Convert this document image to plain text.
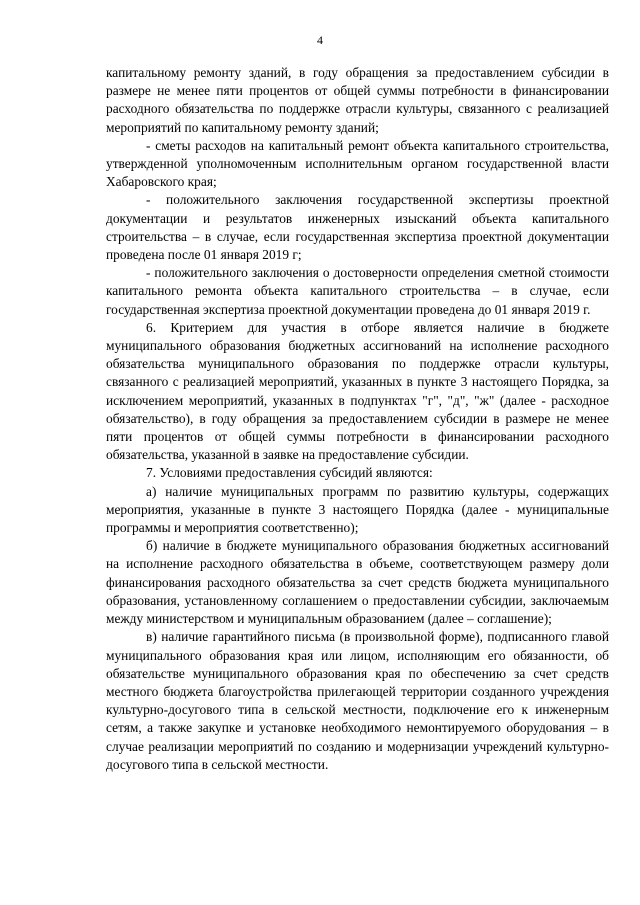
4

капитальному ремонту зданий, в году обращения за предоставлением субсидии в размере не менее пяти процентов от общей суммы потребности в финансировании расходного обязательства по поддержке отрасли культуры, связанного с реализацией мероприятий по капитальному ремонту зданий;

- сметы расходов на капитальный ремонт объекта капитального строительства, утвержденной уполномоченным исполнительным органом государственной власти Хабаровского края;

- положительного заключения государственной экспертизы проектной документации и результатов инженерных изысканий объекта капитального строительства – в случае, если государственная экспертиза проектной документации проведена после 01 января 2019 г;

- положительного заключения о достоверности определения сметной стоимости капитального ремонта объекта капитального строительства – в случае, если государственная экспертиза проектной документации проведена до 01 января 2019 г.

6. Критерием для участия в отборе является наличие в бюджете муниципального образования бюджетных ассигнований на исполнение расходного обязательства муниципального образования по поддержке отрасли культуры, связанного с реализацией мероприятий, указанных в пункте 3 настоящего Порядка, за исключением мероприятий, указанных в подпунктах "г", "д", "ж" (далее - расходное обязательство), в году обращения за предоставлением субсидии в размере не менее пяти процентов от общей суммы потребности в финансировании расходного обязательства, указанной в заявке на предоставление субсидии.

7. Условиями предоставления субсидий являются:

а) наличие муниципальных программ по развитию культуры, содержащих мероприятия, указанные в пункте 3 настоящего Порядка (далее - муниципальные программы и мероприятия соответственно);

б) наличие в бюджете муниципального образования бюджетных ассигнований на исполнение расходного обязательства в объеме, соответствующем размеру доли финансирования расходного обязательства за счет средств бюджета муниципального образования, установленному соглашением о предоставлении субсидии, заключаемым между министерством и муниципальным образованием (далее – соглашение);

в) наличие гарантийного письма (в произвольной форме), подписанного главой муниципального образования края или лицом, исполняющим его обязанности, об обязательстве муниципального образования края по обеспечению за счет средств местного бюджета благоустройства прилегающей территории созданного учреждения культурно-досугового типа в сельской местности, подключение его к инженерным сетям, а также закупке и установке необходимого немонтируемого оборудования – в случае реализации мероприятий по созданию и модернизации учреждений культурно-досугового типа в сельской местности.
